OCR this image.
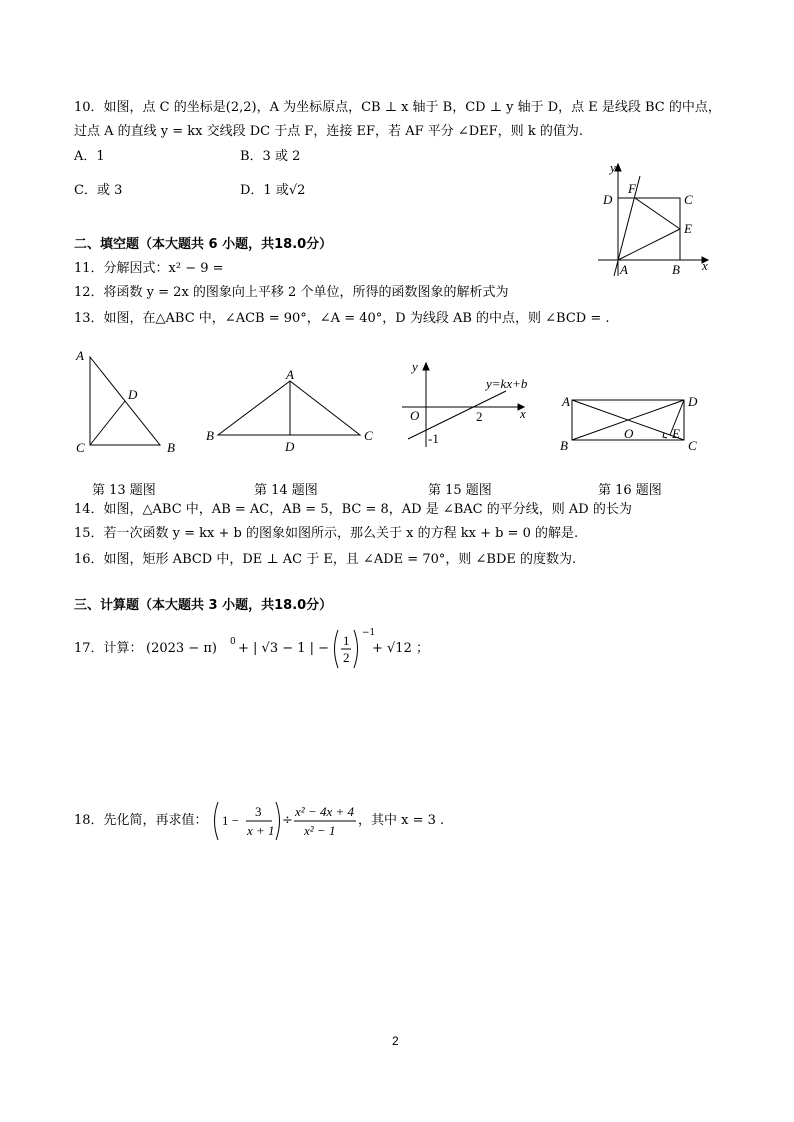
10．如图，点 C 的坐标是(2,2)，A 为坐标原点，CB ⊥ x 轴于 B，CD ⊥ y 轴于 D，点 E 是线段 BC 的中点，
过点 A 的直线 y = kx 交线段 DC 于点 F，连接 EF，若 AF 平分 ∠DEF，则 k 的值为.
A．1	B．3 或 2
C．或 3	D．1 或√2
y
x
D
F
C
E
A	B
二、填空题（本大题共 6 小题，共18.0分）
11．分解因式：x² − 9 =
12．将函数 y = 2x 的图象向上平移 2 个单位，所得的函数图象的解析式为
13．如图，在△ABC 中，∠ACB = 90°，∠A = 40°，D 为线段 AB 的中点，则 ∠BCD = .
A
D
C	B
第 13 题图
A
B
D
C
第 14 题图
y
x
O	2
-1
y=kx+b
第 15 题图
A	D
O	E
B	C
第 16 题图
14．如图，△ABC 中，AB = AC，AB = 5，BC = 8，AD 是 ∠BAC 的平分线，则 AD 的长为
15．若一次函数 y = kx + b 的图象如图所示，那么关于 x 的方程 kx + b = 0 的解是.
16．如图，矩形 ABCD 中，DE ⊥ AC 于 E，且 ∠ADE = 70°，则 ∠BDE 的度数为.
三、计算题（本大题共 3 小题，共18.0分）
17．计算： (2023 − π) 0 + | √3 − 1 | −
1
2
−1
+ √12 ；
18．先化简，再求值： 1 −
3
x + 1
÷
x² − 4x + 4
x² − 1
，其中 x = 3 .
2
